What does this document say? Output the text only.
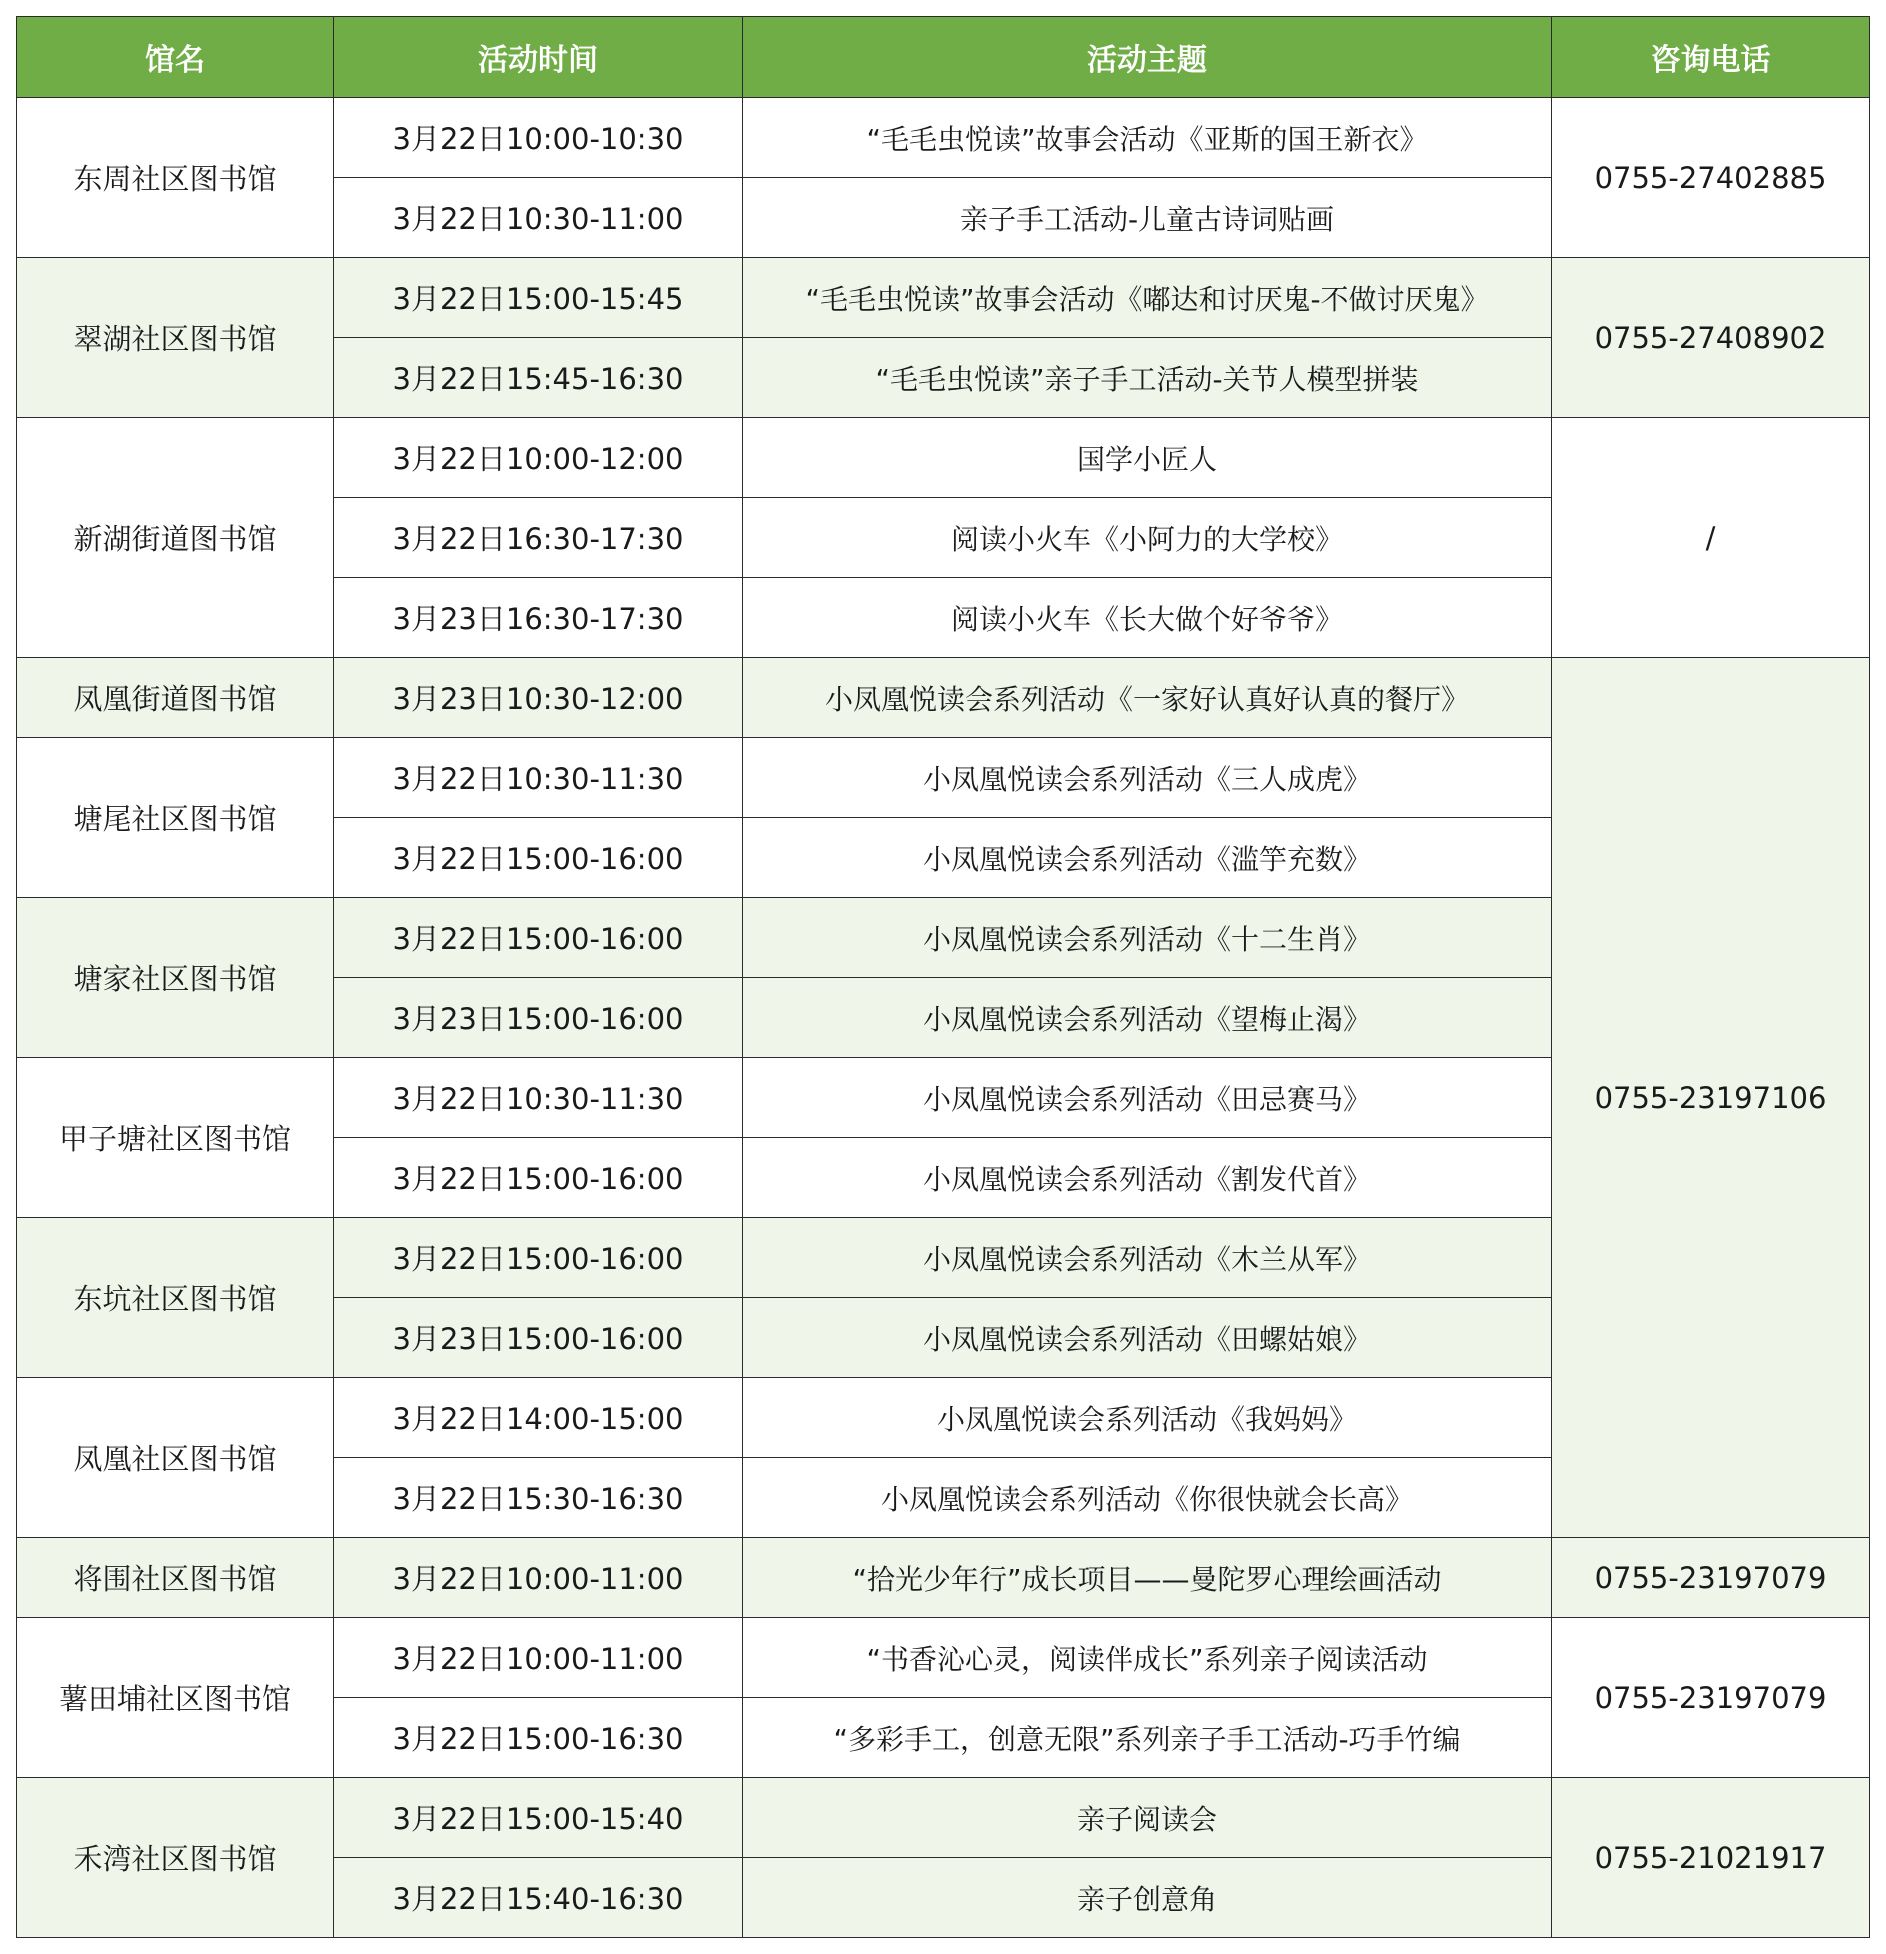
馆名	活动时间	活动主题	咨询电话
东周社区图书馆	3月22日10:00-10:30	“毛毛虫悦读”故事会活动《亚斯的国王新衣》	0755-27402885
	3月22日10:30-11:00	亲子手工活动-儿童古诗词贴画	
翠湖社区图书馆	3月22日15:00-15:45	“毛毛虫悦读”故事会活动《嘟达和讨厌鬼-不做讨厌鬼》	0755-27408902
	3月22日15:45-16:30	“毛毛虫悦读”亲子手工活动-关节人模型拼装	
新湖街道图书馆	3月22日10:00-12:00	国学小匠人	/
	3月22日16:30-17:30	阅读小火车《小阿力的大学校》	
	3月23日16:30-17:30	阅读小火车《长大做个好爷爷》	
凤凰街道图书馆	3月23日10:30-12:00	小凤凰悦读会系列活动《一家好认真好认真的餐厅》	0755-23197106
塘尾社区图书馆	3月22日10:30-11:30	小凤凰悦读会系列活动《三人成虎》	
	3月22日15:00-16:00	小凤凰悦读会系列活动《滥竽充数》	
塘家社区图书馆	3月22日15:00-16:00	小凤凰悦读会系列活动《十二生肖》	
	3月23日15:00-16:00	小凤凰悦读会系列活动《望梅止渴》	
甲子塘社区图书馆	3月22日10:30-11:30	小凤凰悦读会系列活动《田忌赛马》	
	3月22日15:00-16:00	小凤凰悦读会系列活动《割发代首》	
东坑社区图书馆	3月22日15:00-16:00	小凤凰悦读会系列活动《木兰从军》	
	3月23日15:00-16:00	小凤凰悦读会系列活动《田螺姑娘》	
凤凰社区图书馆	3月22日14:00-15:00	小凤凰悦读会系列活动《我妈妈》	
	3月22日15:30-16:30	小凤凰悦读会系列活动《你很快就会长高》	
将围社区图书馆	3月22日10:00-11:00	“拾光少年行”成长项目——曼陀罗心理绘画活动	0755-23197079
薯田埔社区图书馆	3月22日10:00-11:00	“书香沁心灵，阅读伴成长”系列亲子阅读活动	0755-23197079
	3月22日15:00-16:30	“多彩手工，创意无限”系列亲子手工活动-巧手竹编	
禾湾社区图书馆	3月22日15:00-15:40	亲子阅读会	0755-21021917
	3月22日15:40-16:30	亲子创意角	
